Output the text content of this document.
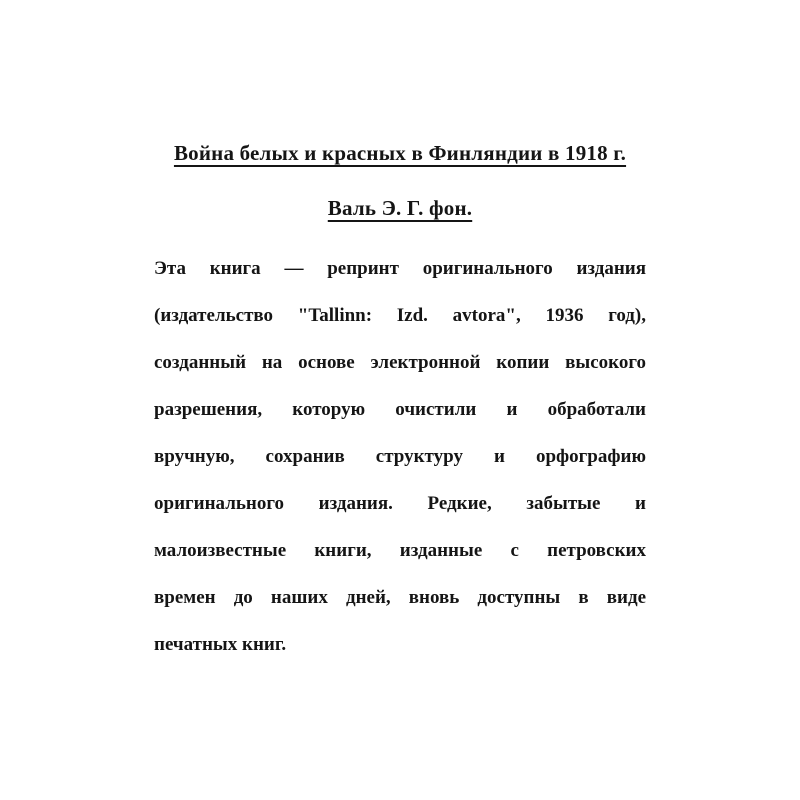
Война белых и красных в Финляндии в 1918 г.
Валь Э. Г. фон.
Эта книга — репринт оригинального издания
(издательство "Tallinn: Izd. avtora", 1936 год),
созданный на основе электронной копии высокого
разрешения, которую очистили и обработали
вручную, сохранив структуру и орфографию
оригинального издания. Редкие, забытые и
малоизвестные книги, изданные с петровских
времен до наших дней, вновь доступны в виде
печатных книг.
